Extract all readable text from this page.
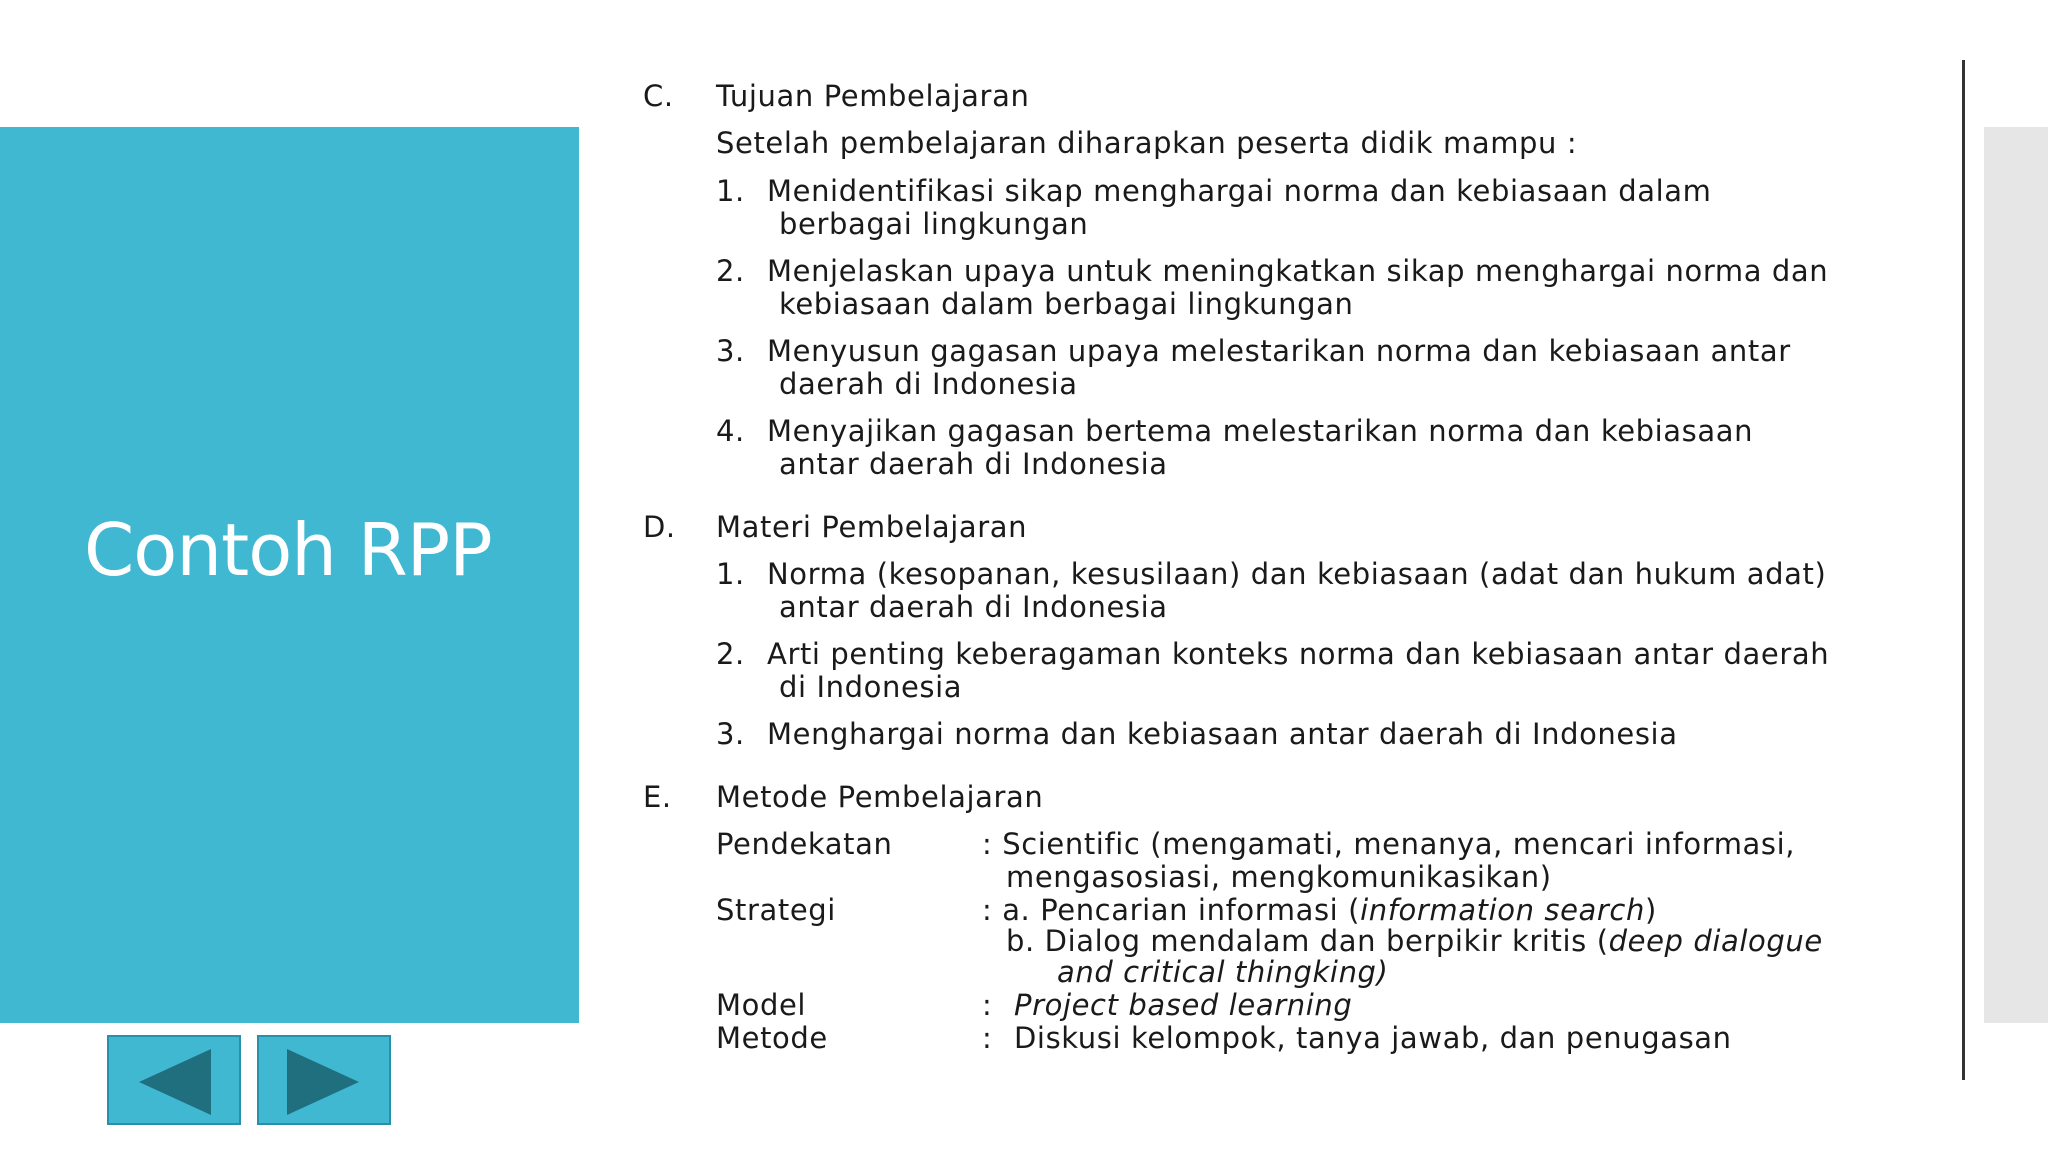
Contoh RPP
C. Tujuan Pembelajaran
Setelah pembelajaran diharapkan peserta didik mampu :
1. Menidentifikasi sikap menghargai norma dan kebiasaan dalam
berbagai lingkungan
2. Menjelaskan upaya untuk meningkatkan sikap menghargai norma dan
kebiasaan dalam berbagai lingkungan
3. Menyusun gagasan upaya melestarikan norma dan kebiasaan antar
daerah di Indonesia
4. Menyajikan gagasan bertema melestarikan norma dan kebiasaan
antar daerah di Indonesia
D. Materi Pembelajaran
1. Norma (kesopanan, kesusilaan) dan kebiasaan (adat dan hukum adat)
antar daerah di Indonesia
2. Arti penting keberagaman konteks norma dan kebiasaan antar daerah
di Indonesia
3. Menghargai norma dan kebiasaan antar daerah di Indonesia
E. Metode Pembelajaran
Pendekatan	: Scientific (mengamati, menanya, mencari informasi,
mengasosiasi, mengkomunikasikan)
Strategi	: a. Pencarian informasi (information search)
b. Dialog mendalam dan berpikir kritis (deep dialogue
and critical thingking)
Model	: Project based learning
Metode	: Diskusi kelompok, tanya jawab, dan penugasan
